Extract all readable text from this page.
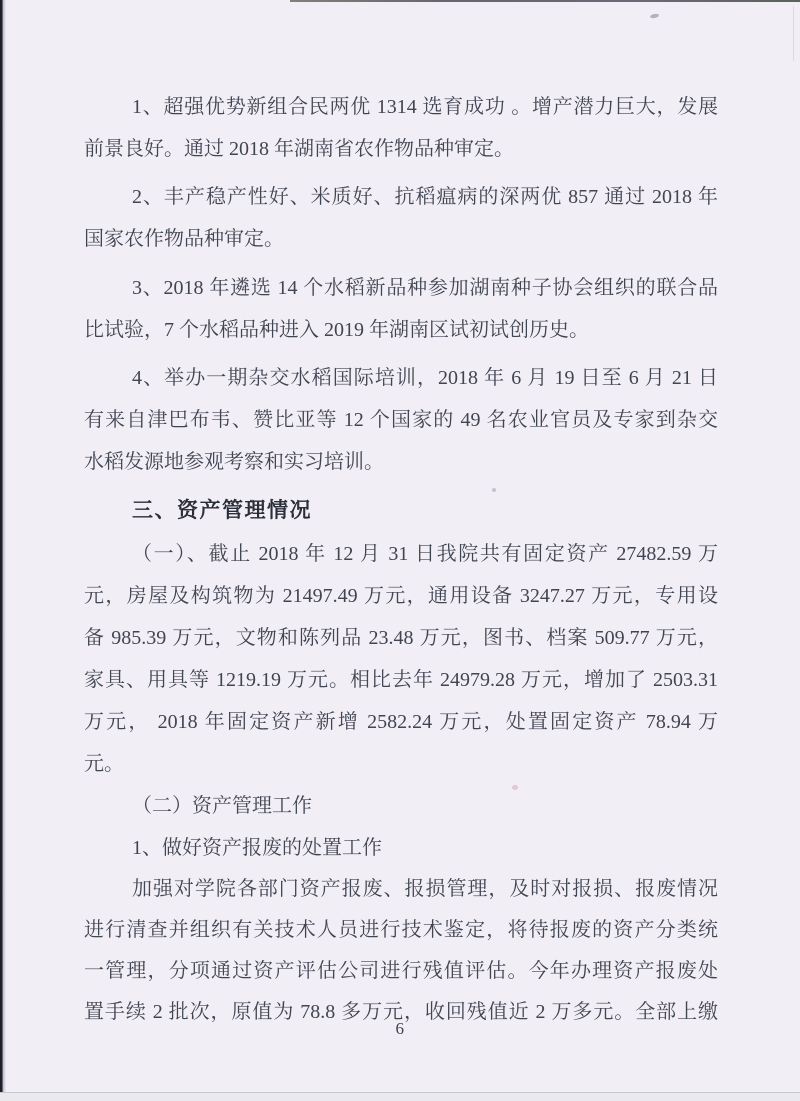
1、超强优势新组合民两优 1314 选育成功 。增产潜力巨大，发展
前景良好。通过 2018 年湖南省农作物品种审定。
2、丰产稳产性好、米质好、抗稻瘟病的深两优 857 通过 2018 年
国家农作物品种审定。
3、2018 年遴选 14 个水稻新品种参加湖南种子协会组织的联合品
比试验，7 个水稻品种进入 2019 年湖南区试初试创历史。
4、举办一期杂交水稻国际培训，2018 年 6 月 19 日至 6 月 21 日
有来自津巴布韦、赞比亚等 12 个国家的 49 名农业官员及专家到杂交
水稻发源地参观考察和实习培训。
三、资产管理情况
（一）、截止 2018 年 12 月 31 日我院共有固定资产 27482.59 万
元，房屋及构筑物为 21497.49 万元，通用设备 3247.27 万元，专用设
备 985.39 万元，文物和陈列品 23.48 万元，图书、档案 509.77 万元，
家具、用具等 1219.19 万元。相比去年 24979.28 万元，增加了 2503.31
万元， 2018 年固定资产新增 2582.24 万元，处置固定资产 78.94 万
元。
（二）资产管理工作
1、做好资产报废的处置工作
加强对学院各部门资产报废、报损管理，及时对报损、报废情况
进行清查并组织有关技术人员进行技术鉴定，将待报废的资产分类统
一管理，分项通过资产评估公司进行残值评估。今年办理资产报废处
置手续 2 批次，原值为 78.8 多万元，收回残值近 2 万多元。全部上缴
6
